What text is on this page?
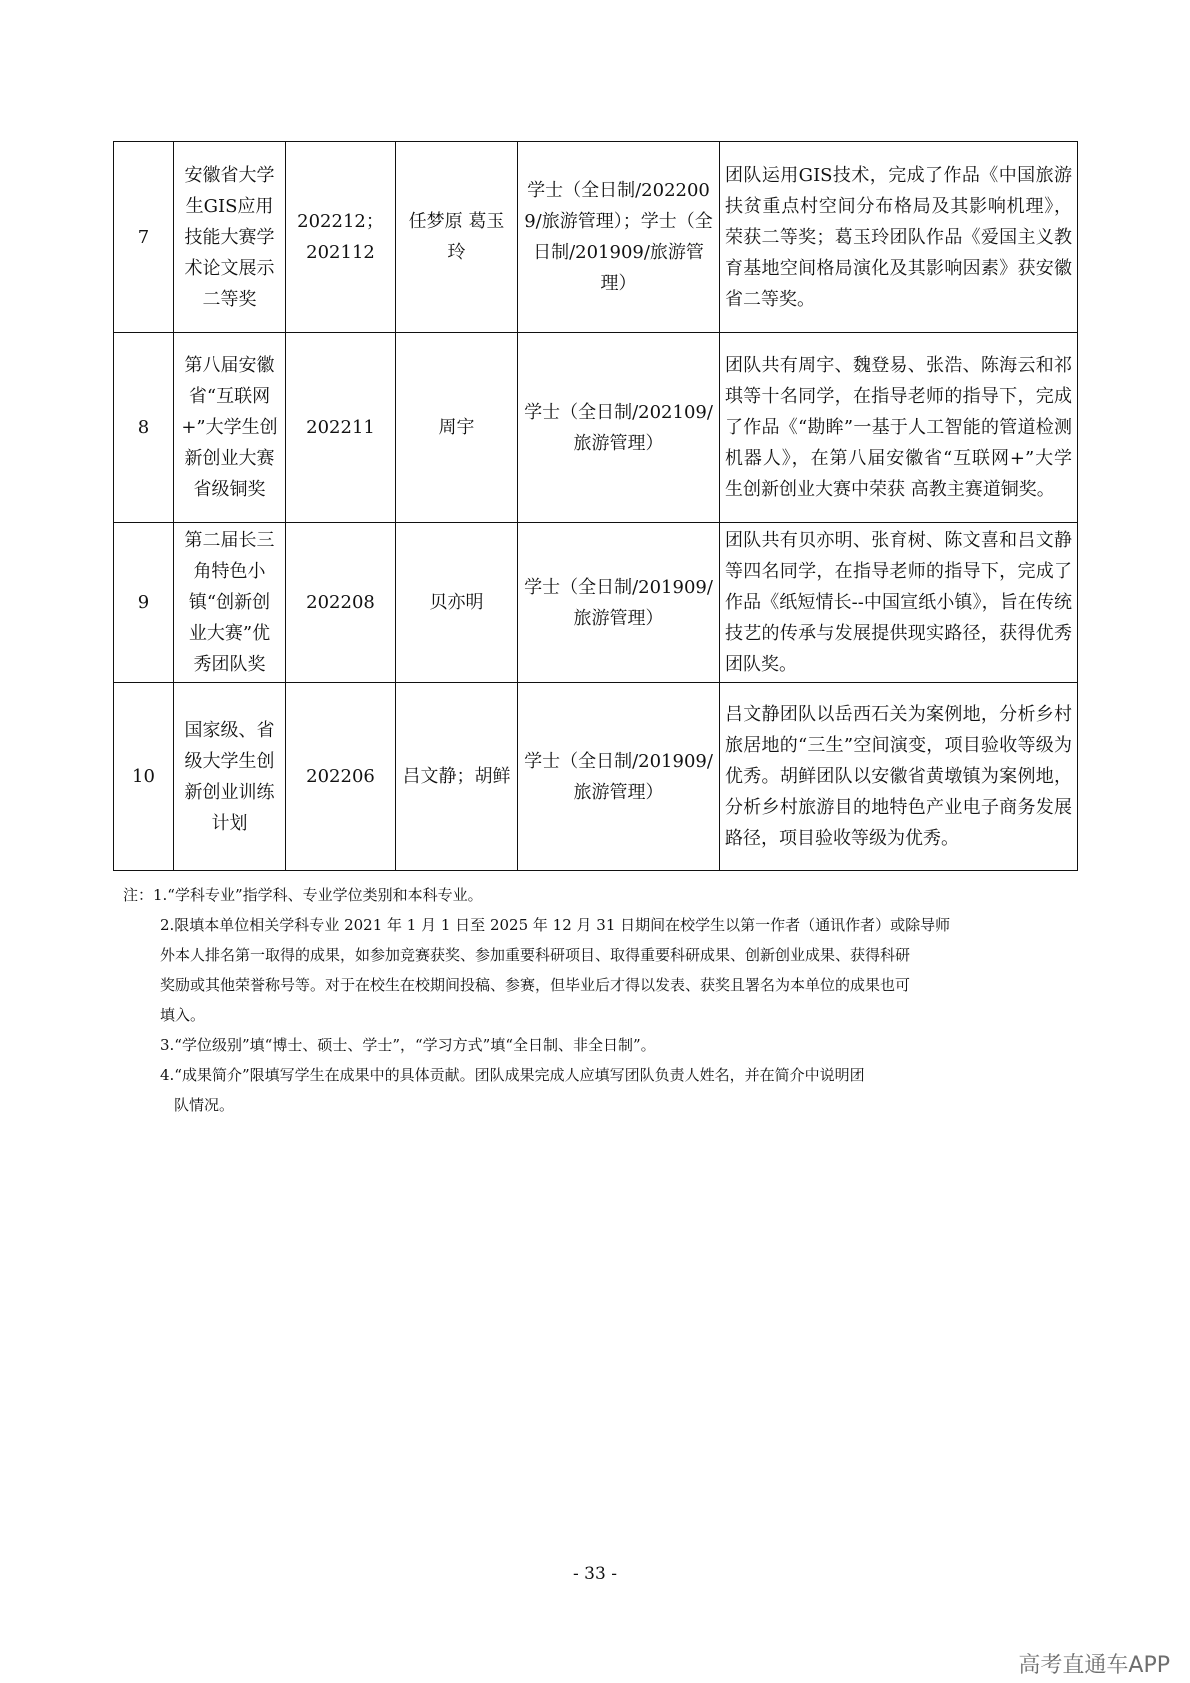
7	安徽省大学生GIS应用技能大赛学术论文展示二等奖	202212；202112	任梦原 葛玉玲	学士（全日制/2022009/旅游管理）；学士（全日制/201909/旅游管理）	团队运用GIS技术，完成了作品《中国旅游扶贫重点村空间分布格局及其影响机理》，荣获二等奖；葛玉玲团队作品《爱国主义教育基地空间格局演化及其影响因素》获安徽省二等奖。
8	第八届安徽省“互联网+”大学生创新创业大赛省级铜奖	202211	周宇	学士（全日制/202109/旅游管理）	团队共有周宇、魏登易、张浩、陈海云和祁琪等十名同学，在指导老师的指导下，完成了作品《“勘眸”一基于人工智能的管道检测机器人》，在第八届安徽省“互联网+”大学生创新创业大赛中荣获 高教主赛道铜奖。
9	第二届长三角特色小镇“创新创业大赛”优秀团队奖	202208	贝亦明	学士（全日制/201909/旅游管理）	团队共有贝亦明、张育树、陈文喜和吕文静等四名同学，在指导老师的指导下，完成了作品《纸短情长--中国宣纸小镇》，旨在传统技艺的传承与发展提供现实路径，获得优秀团队奖。
10	国家级、省级大学生创新创业训练计划	202206	吕文静；胡鲜	学士（全日制/201909/旅游管理）	吕文静团队以岳西石关为案例地，分析乡村旅居地的“三生”空间演变，项目验收等级为优秀。胡鲜团队以安徽省黄墩镇为案例地，分析乡村旅游目的地特色产业电子商务发展路径，项目验收等级为优秀。
注：1.“学科专业”指学科、专业学位类别和本科专业。
2.限填本单位相关学科专业 2021 年 1 月 1 日至 2025 年 12 月 31 日期间在校学生以第一作者（通讯作者）或除导师
外本人排名第一取得的成果，如参加竞赛获奖、参加重要科研项目、取得重要科研成果、创新创业成果、获得科研
奖励或其他荣誉称号等。对于在校生在校期间投稿、参赛，但毕业后才得以发表、获奖且署名为本单位的成果也可
填入。
3.“学位级别”填“博士、硕士、学士”，“学习方式”填“全日制、非全日制”。
4.“成果简介”限填写学生在成果中的具体贡献。团队成果完成人应填写团队负责人姓名，并在简介中说明团
队情况。
- 33 -
高考直通车APP
